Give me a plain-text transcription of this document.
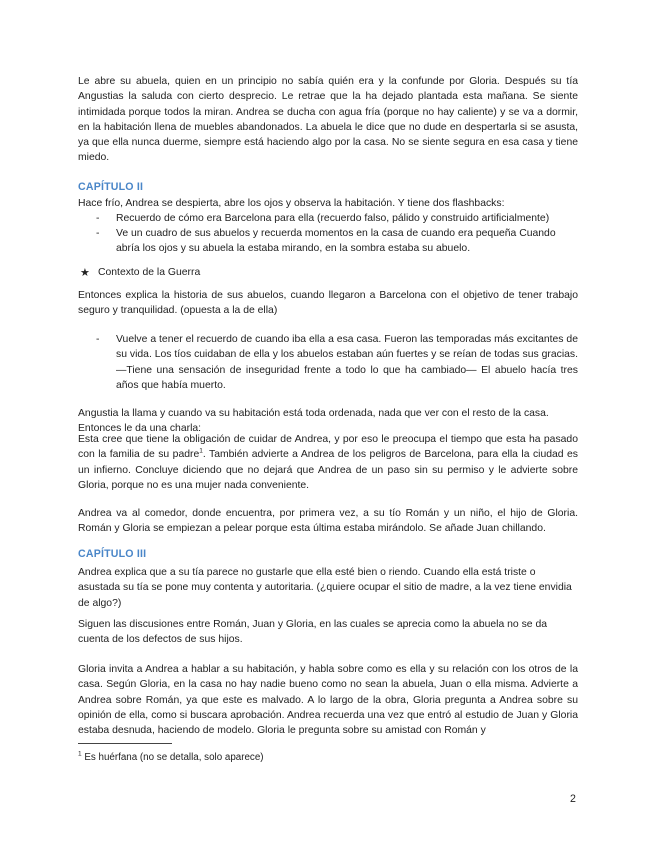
Le abre su abuela, quien en un principio no sabía quién era y la confunde por Gloria. Después su tía Angustias la saluda con cierto desprecio. Le retrae que la ha dejado plantada esta mañana. Se siente intimidada porque todos la miran. Andrea se ducha con agua fría (porque no hay caliente) y se va a dormir, en la habitación llena de muebles abandonados. La abuela le dice que no dude en despertarla si se asusta, ya que ella nunca duerme, siempre está haciendo algo por la casa. No se siente segura en esa casa y tiene miedo.

CAPÍTULO II

Hace frío, Andrea se despierta, abre los ojos y observa la habitación. Y tiene dos flashbacks:

- Recuerdo de cómo era Barcelona para ella (recuerdo falso, pálido y construido artificialmente)
- Ve un cuadro de sus abuelos y recuerda momentos en la casa de cuando era pequeña Cuando abría los ojos y su abuela la estaba mirando, en la sombra estaba su abuelo.
★ Contexto de la Guerra

Entonces explica la historia de sus abuelos, cuando llegaron a Barcelona con el objetivo de tener trabajo seguro y tranquilidad. (opuesta a la de ella)

- Vuelve a tener el recuerdo de cuando iba ella a esa casa. Fueron las temporadas más excitantes de su vida. Los tíos cuidaban de ella y los abuelos estaban aún fuertes y se reían de todas sus gracias. —Tiene una sensación de inseguridad frente a todo lo que ha cambiado— El abuelo hacía tres años que había muerto.

Angustia la llama y cuando va su habitación está toda ordenada, nada que ver con el resto de la casa. Entonces le da una charla:

Esta cree que tiene la obligación de cuidar de Andrea, y por eso le preocupa el tiempo que esta ha pasado con la familia de su padre$^1$. También advierte a Andrea de los peligros de Barcelona, para ella la ciudad es un infierno. Concluye diciendo que no dejará que Andrea de un paso sin su permiso y le advierte sobre Gloria, porque no es una mujer nada conveniente.

Andrea va al comedor, donde encuentra, por primera vez, a su tío Román y un niño, el hijo de Gloria. Román y Gloria se empiezan a pelear porque esta última estaba mirándolo. Se añade Juan chillando.

CAPÍTULO III

Andrea explica que a su tía parece no gustarle que ella esté bien o riendo. Cuando ella está triste o asustada su tía se pone muy contenta y autoritaria. (¿quiere ocupar el sitio de madre, a la vez tiene envidia de algo?)

Siguen las discusiones entre Román, Juan y Gloria, en las cuales se aprecia como la abuela no se da cuenta de los defectos de sus hijos.

Gloria invita a Andrea a hablar a su habitación, y habla sobre como es ella y su relación con los otros de la casa. Según Gloria, en la casa no hay nadie bueno como no sean la abuela, Juan o ella misma. Advierte a Andrea sobre Román, ya que este es malvado. A lo largo de la obra, Gloria pregunta a Andrea sobre su opinión de ella, como si buscara aprobación. Andrea recuerda una vez que entró al estudio de Juan y Gloria estaba desnuda, haciendo de modelo. Gloria le pregunta sobre su amistad con Román y

$^1$ Es huérfana (no se detalla, solo aparece)
2
